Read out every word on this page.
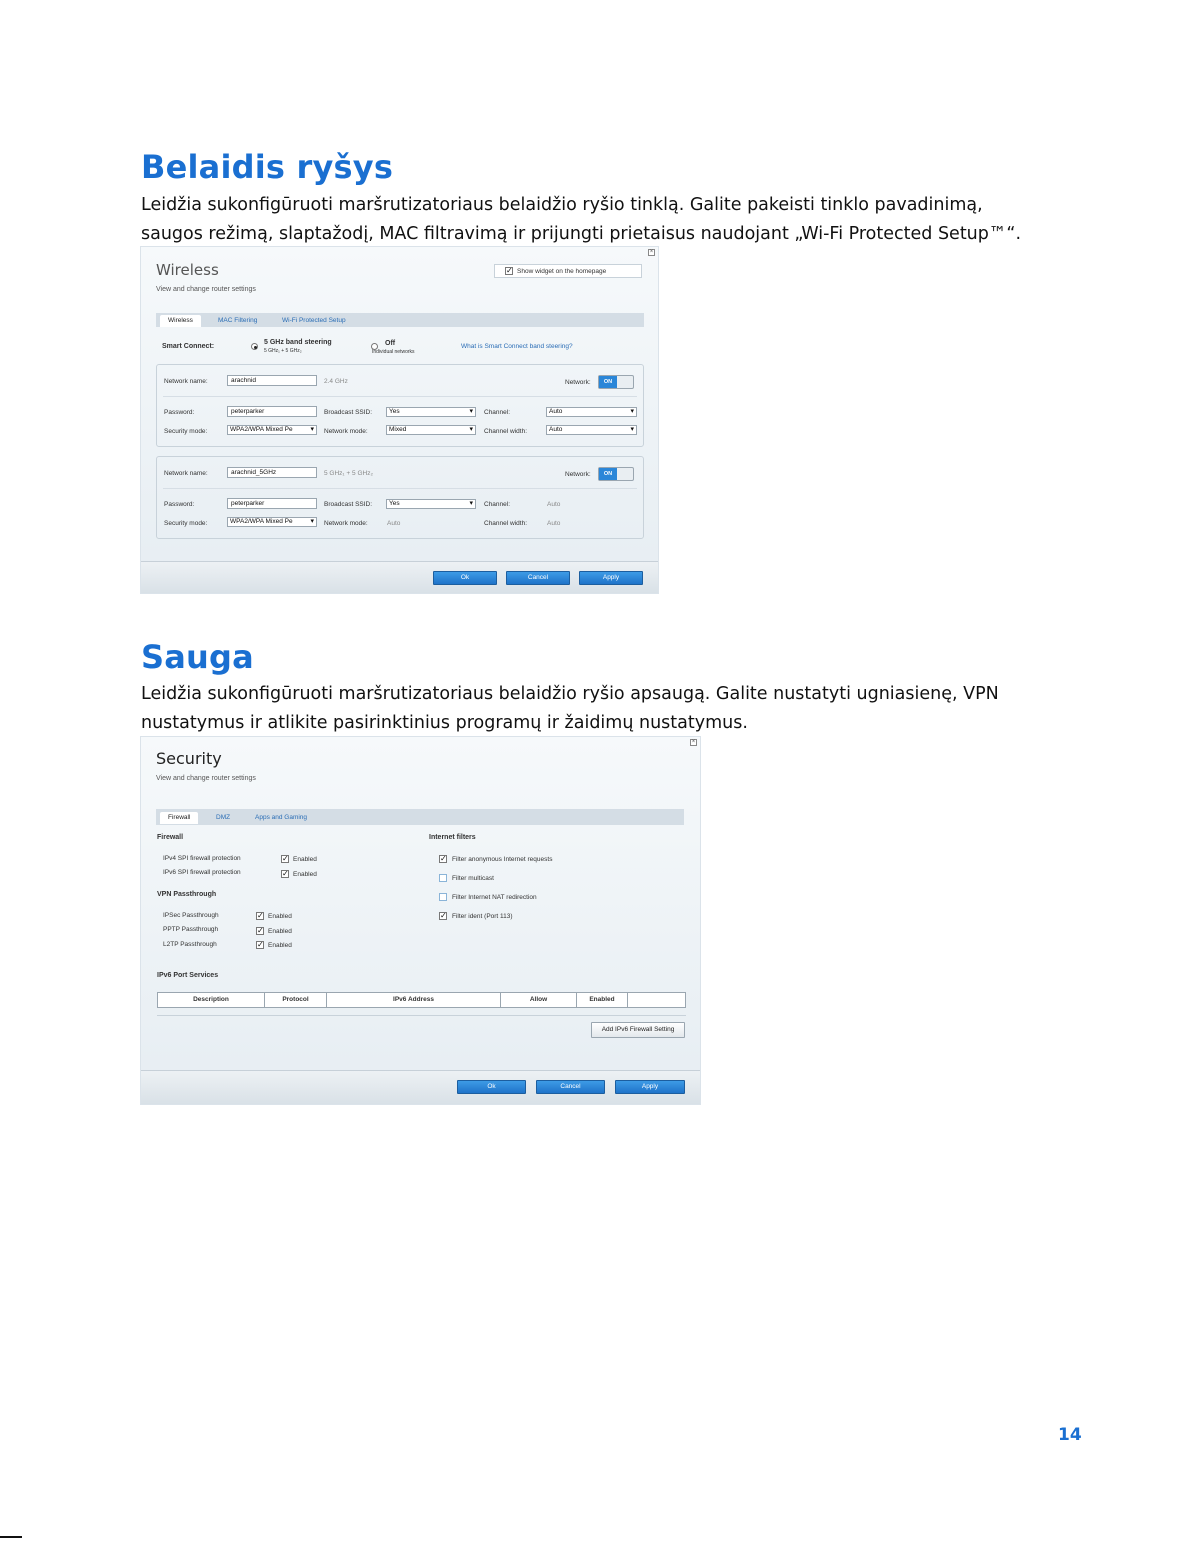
Belaidis ryšys
Leidžia sukonfigūruoti maršrutizatoriaus belaidžio ryšio tinklą. Galite pakeisti tinklo pavadinimą,
saugos režimą, slaptažodį, MAC filtravimą ir prijungti prietaisus naudojant „Wi-Fi Protected Setup™“.
×
Wireless
View and change router settings
✓ Show widget on the homepage
Wireless	MAC Filtering	Wi-Fi Protected Setup
Smart Connect:
5 GHz band steering
5 GHz₁ + 5 GHz₂
Off
Individual networks
What is Smart Connect band steering?
Network name:	arachnid	2.4 GHz	Network:	ON
Password:	peterparker	Broadcast SSID:	Yes ▾	Channel:	Auto ▾
Security mode:	WPA2/WPA Mixed Pe ▾	Network mode:	Mixed ▾	Channel width:	Auto ▾
Network name:	arachnid_5GHz	5 GHz₁ + 5 GHz₂	Network:	ON
Password:	peterparker	Broadcast SSID:	Yes ▾	Channel:	Auto
Security mode:	WPA2/WPA Mixed Pe ▾	Network mode:	Auto	Channel width:	Auto
Ok	Cancel	Apply
Sauga
Leidžia sukonfigūruoti maršrutizatoriaus belaidžio ryšio apsaugą. Galite nustatyti ugniasienę, VPN
nustatymus ir atlikite pasirinktinius programų ir žaidimų nustatymus.
×
Security
View and change router settings
Firewall	DMZ	Apps and Gaming
Firewall
IPv4 SPI firewall protection	✓ Enabled
IPv6 SPI firewall protection	✓ Enabled
VPN Passthrough
IPSec Passthrough	✓ Enabled
PPTP Passthrough	✓ Enabled
L2TP Passthrough	✓ Enabled
Internet filters
✓ Filter anonymous Internet requests
Filter multicast
Filter Internet NAT redirection
✓ Filter ident (Port 113)
IPv6 Port Services
Description	Protocol	IPv6 Address	Allow	Enabled
Add IPv6 Firewall Setting
Ok	Cancel	Apply
14
